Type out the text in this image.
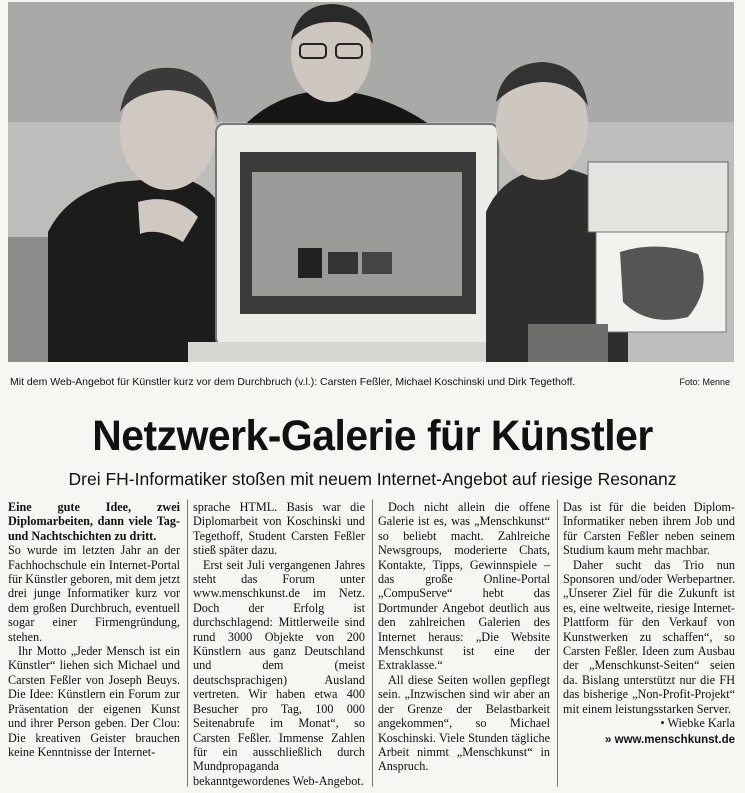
Mit dem Web-Angebot für Künstler kurz vor dem Durchbruch (v.l.): Carsten Feßler, Michael Koschinski und Dirk Tegethoff.	Foto: Menne
Netzwerk-Galerie für Künstler
Drei FH-Informatiker stoßen mit neuem Internet-Angebot auf riesige Resonanz

Eine gute Idee, zwei Diplomarbeiten, dann viele Tag- und Nachtschichten zu dritt.

So wurde im letzten Jahr an der Fachhochschule ein Internet-Portal für Künstler geboren, mit dem jetzt drei junge Informatiker kurz vor dem großen Durchbruch, eventuell sogar einer Firmengründung, stehen.

Ihr Motto „Jeder Mensch ist ein Künstler“ liehen sich Michael und Carsten Feßler von Joseph Beuys. Die Idee: Künstlern ein Forum zur Präsentation der eigenen Kunst und ihrer Person geben. Der Clou: Die kreativen Geister brauchen keine Kenntnisse der Internet-

sprache HTML. Basis war die Diplomarbeit von Koschinski und Tegethoff, Student Carsten Feßler stieß später dazu.

Erst seit Juli vergangenen Jahres steht das Forum unter www.menschkunst.de im Netz. Doch der Erfolg ist durchschlagend: Mittlerweile sind rund 3000 Objekte von 200 Künstlern aus ganz Deutschland und dem (meist deutschsprachigen) Ausland vertreten. Wir haben etwa 400 Besucher pro Tag, 100 000 Seitenabrufe im Monat“, so Carsten Feßler. Immense Zahlen für ein ausschließlich durch Mundpropaganda bekanntgewordenes Web-Angebot.

Doch nicht allein die offene Galerie ist es, was „Menschkunst“ so beliebt macht. Zahlreiche Newsgroups, moderierte Chats, Kontakte, Tipps, Gewinnspiele – das große Online-Portal „CompuServe“ hebt das Dortmunder Angebot deutlich aus den zahlreichen Galerien des Internet heraus: „Die Website Menschkunst ist eine der Extraklasse.“

All diese Seiten wollen gepflegt sein. „Inzwischen sind wir aber an der Grenze der Belastbarkeit angekommen“, so Michael Koschinski. Viele Stunden tägliche Arbeit nimmt „Menschkunst“ in Anspruch.

Das ist für die beiden Diplom-Informatiker neben ihrem Job und für Carsten Feßler neben seinem Studium kaum mehr machbar.

Daher sucht das Trio nun Sponsoren und/oder Werbepartner. „Unserer Ziel für die Zukunft ist es, eine weltweite, riesige Internet-Plattform für den Verkauf von Kunstwerken zu schaffen“, so Carsten Feßler. Ideen zum Ausbau der „Menschkunst-Seiten“ seien da. Bislang unterstützt nur die FH das bisherige „Non-Profit-Projekt“ mit einem leistungsstarken Server.

• Wiebke Karla

» www.menschkunst.de
